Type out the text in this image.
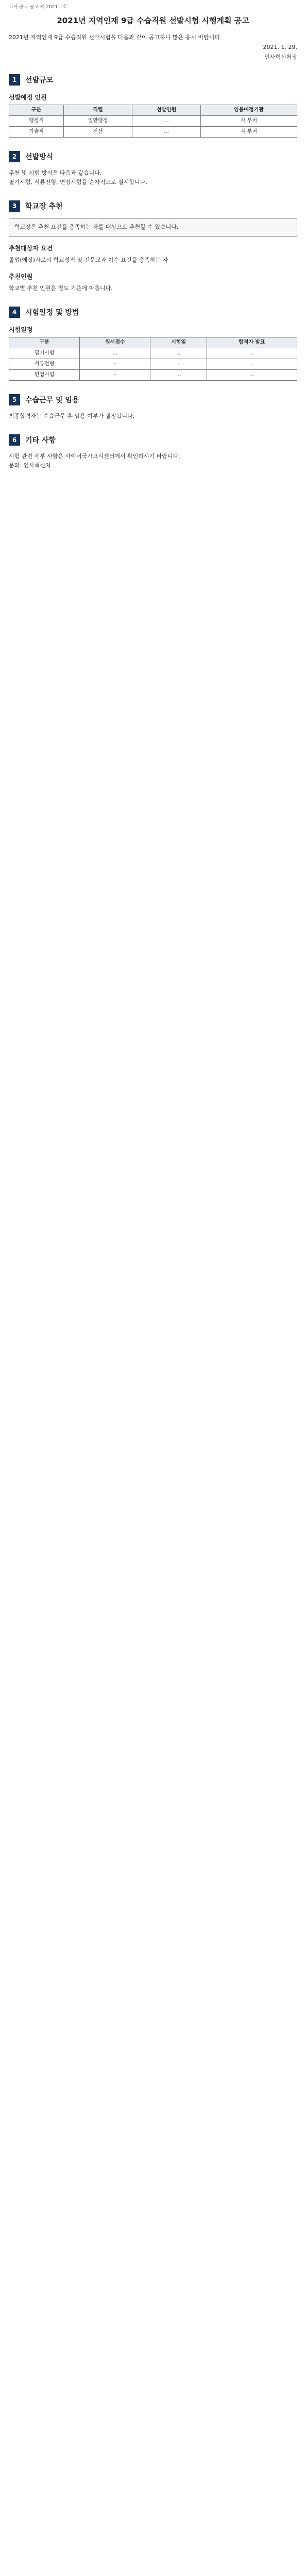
고시·공고 공고 제 2021 - 호
2021년 지역인재 9급 수습직원 선발시험 시행계획 공고
2021년 지역인재 9급 수습직원 선발시험을 다음과 같이 공고하니 많은 응시 바랍니다.
2021. 1. 29.
인사혁신처장
1	선발규모
선발예정 인원
구분	직렬	선발인원	임용예정기관
행정직	일반행정	...	각 부처
기술직	전산	...	각 부처
2	선발방식
추천 및 시험 방식은 다음과 같습니다.
필기시험, 서류전형, 면접시험을 순차적으로 실시합니다.
3	학교장 추천
학교장은 추천 요건을 충족하는 자를 대상으로 추천할 수 있습니다.
추천대상자 요건
졸업(예정)자로서 학교성적 및 전문교과 이수 요건을 충족하는 자
추천인원
학교별 추천 인원은 별도 기준에 따릅니다.
4	시험일정 및 방법
시험일정
구분	원서접수	시험일	합격자 발표
필기시험	...	...	...
서류전형	-	-	...
면접시험	-	...	...
5	수습근무 및 임용
최종합격자는 수습근무 후 임용 여부가 결정됩니다.
6	기타 사항
시험 관련 세부 사항은 사이버국가고시센터에서 확인하시기 바랍니다.
문의: 인사혁신처
